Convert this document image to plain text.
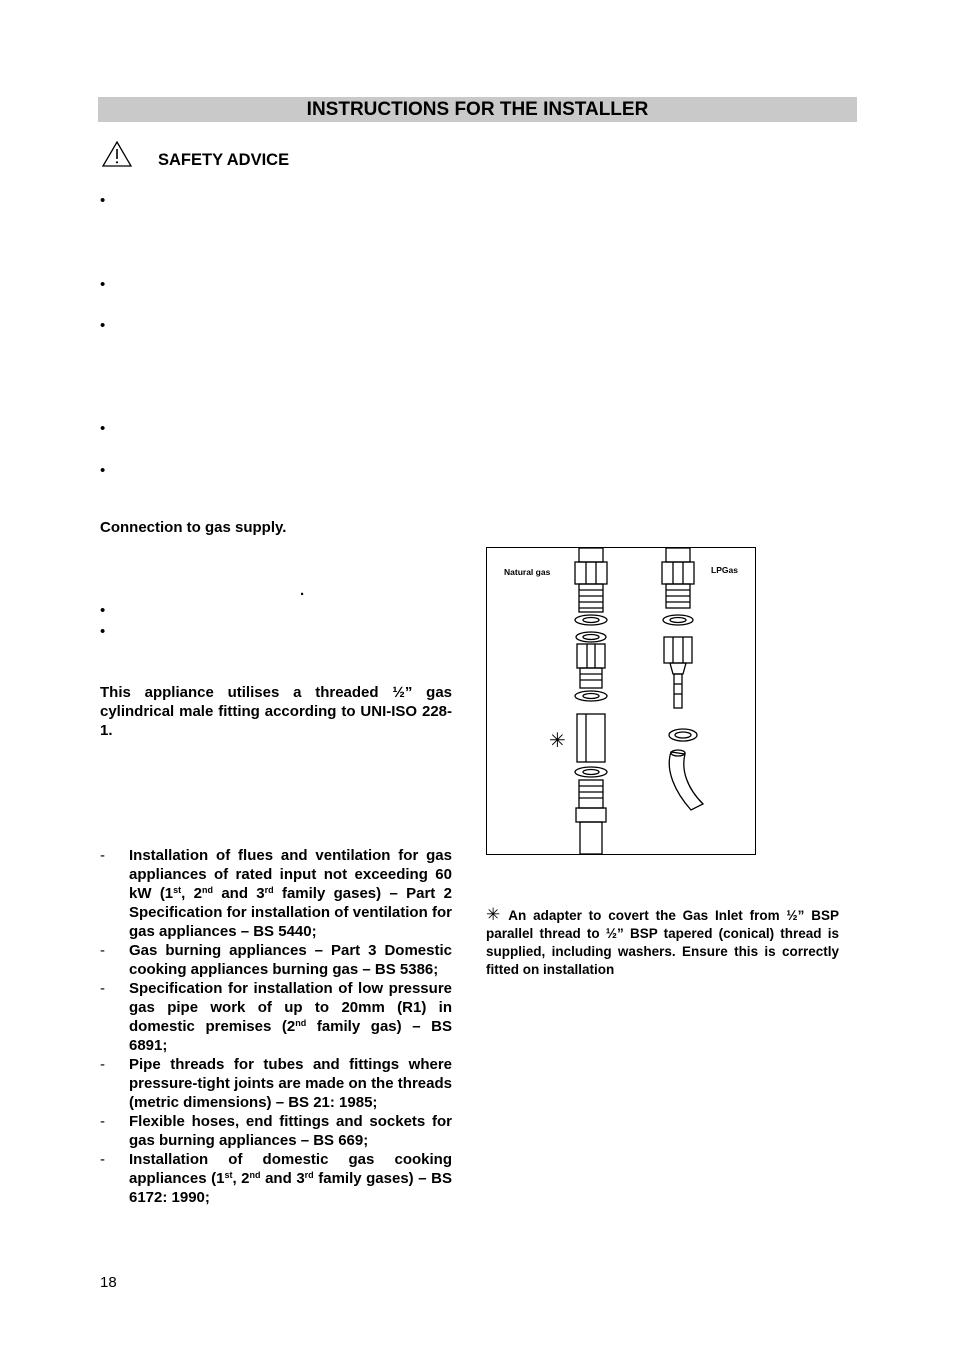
INSTRUCTIONS FOR THE INSTALLER
SAFETY ADVICE
•
•
•
•
•
Connection to gas supply.
.
•
•
This appliance utilises a threaded ½” gas cylindrical male fitting according to UNI-ISO 228-1.
- Installation of flues and ventilation for gas appliances of rated input not exceeding 60 kW (1st, 2nd and 3rd family gases) – Part 2 Specification for installation of ventilation for gas appliances – BS 5440;
- Gas burning appliances – Part 3 Domestic cooking appliances burning gas – BS 5386;
- Specification for installation of low pressure gas pipe work of up to 20mm (R1) in domestic premises (2nd family gas) – BS 6891;
- Pipe threads for tubes and fittings where pressure-tight joints are made on the threads (metric dimensions) – BS 21: 1985;
- Flexible hoses, end fittings and sockets for gas burning appliances – BS 669;
- Installation of domestic gas cooking appliances (1st, 2nd and 3rd family gases) – BS 6172: 1990;
Natural gas	LPGas
✳
✳ An adapter to covert the Gas Inlet from ½” BSP parallel thread to ½” BSP tapered (conical) thread is supplied, including washers. Ensure this is correctly fitted on installation
18
